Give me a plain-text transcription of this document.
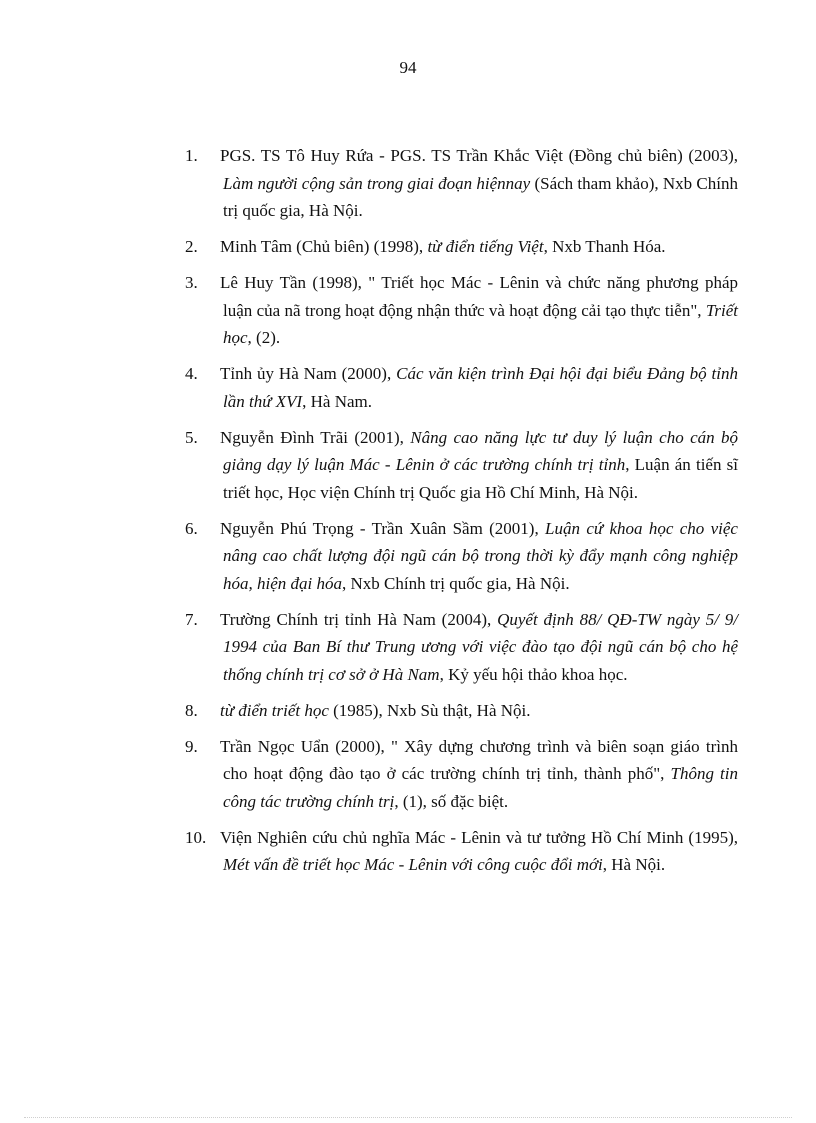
94
1. PGS. TS Tô Huy Rứa - PGS. TS Trần Khắc Việt (Đồng chủ biên) (2003), Làm người cộng sản trong giai đoạn hiệnnay (Sách tham khảo), Nxb Chính trị quốc gia, Hà Nội.
2. Minh Tâm (Chủ biên) (1998), từ điển tiếng Việt, Nxb Thanh Hóa.
3. Lê Huy Tần (1998), " Triết học Mác - Lênin và chức năng phương pháp luận của nã trong hoạt động nhận thức và hoạt động cải tạo thực tiễn", Triết học, (2).
4. Tỉnh ủy Hà Nam (2000), Các văn kiện trình Đại hội đại biểu Đảng bộ tỉnh lần thứ XVI, Hà Nam.
5. Nguyễn Đình Trãi (2001), Nâng cao năng lực tư duy lý luận cho cán bộ giảng dạy lý luận Mác - Lênin ở các trường chính trị tỉnh, Luận án tiến sĩ triết học, Học viện Chính trị Quốc gia Hồ Chí Minh, Hà Nội.
6. Nguyễn Phú Trọng - Trần Xuân Sầm (2001), Luận cứ khoa học cho việc nâng cao chất lượng đội ngũ cán bộ trong thời kỳ đẩy mạnh công nghiệp hóa, hiện đại hóa, Nxb Chính trị quốc gia, Hà Nội.
7. Trường Chính trị tỉnh Hà Nam (2004), Quyết định 88/ QĐ-TW ngày 5/ 9/ 1994 của Ban Bí thư Trung ương với việc đào tạo đội ngũ cán bộ cho hệ thống chính trị cơ sở ở Hà Nam, Kỷ yếu hội thảo khoa học.
8. từ điển triết học (1985), Nxb Sù thật, Hà Nội.
9. Trần Ngọc Uẩn (2000), " Xây dựng chương trình và biên soạn giáo trình cho hoạt động đào tạo ở các trường chính trị tỉnh, thành phố", Thông tin công tác trường chính trị, (1), số đặc biệt.
10. Viện Nghiên cứu chủ nghĩa Mác - Lênin và tư tưởng Hồ Chí Minh (1995), Mét vấn đề triết học Mác - Lênin với công cuộc đổi mới, Hà Nội.
